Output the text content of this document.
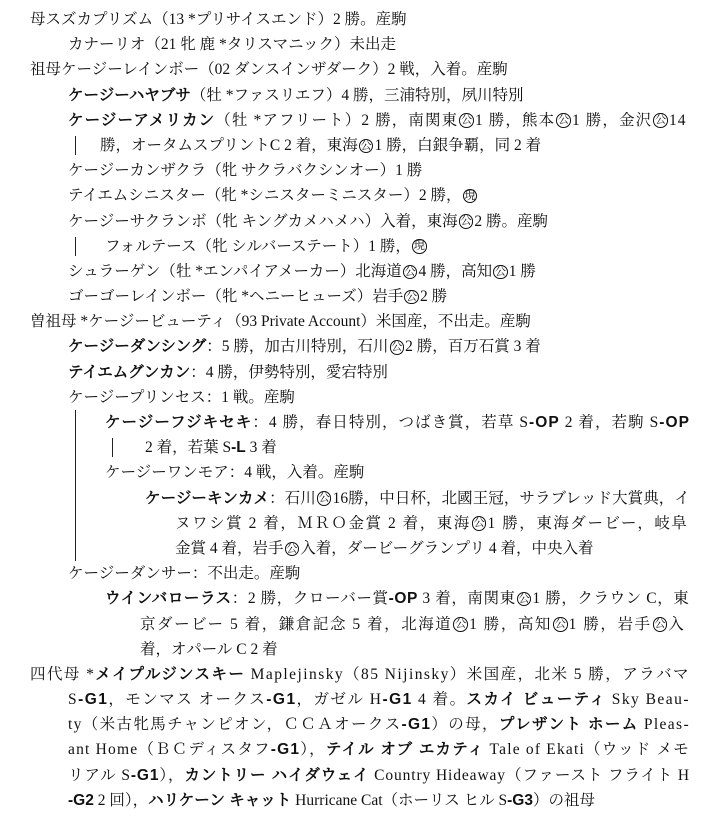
母スズカプリズム（13 *プリサイスエンド）2 勝。産駒
カナーリオ（21 牝 鹿 *タリスマニック）未出走
祖母ケージーレインボー（02 ダンスインザダーク）2 戦，入着。産駒
ケージーハヤブサ（牡 *ファスリエフ）4 勝，三浦特別，夙川特別
ケージーアメリカン（牡 *アフリート）2 勝，南関東 公 1 勝，熊本 公 1 勝，金沢 公 14
勝，オータムスプリントC 2 着，東海 公 1 勝，白銀争覇，同 2 着
ケージーカンザクラ（牝 サクラバクシンオー）1 勝
テイエムシニスター（牝 *シニスターミニスター）2 勝， 現
ケージーサクランボ（牝 キングカメハメハ）入着，東海 公 2 勝。産駒
フォルテース（牝 シルバーステート）1 勝， 現
シュラーゲン（牡 *エンパイアメーカー）北海道 公 4 勝，高知 公 1 勝
ゴーゴーレインボー（牝 *ヘニーヒューズ）岩手 公 2 勝
曽祖母 *ケージービューティ（93 Private Account）米国産，不出走。産駒
ケージーダンシング：5 勝，加古川特別，石川 公 2 勝，百万石賞 3 着
テイエムグンカン：4 勝，伊勢特別，愛宕特別
ケージープリンセス：1 戦。産駒
ケージーフジキセキ：4 勝，春日特別，つばき賞，若草 S-OP 2 着，若駒 S-OP
2 着，若葉 S-L 3 着
ケージーワンモア：4 戦，入着。産駒
ケージーキンカメ：石川 公 16勝，中日杯，北國王冠，サラブレッド大賞典，イ
ヌワシ賞 2 着，ＭＲＯ金賞 2 着，東海 公 1 勝，東海ダービー，岐阜
金賞 4 着，岩手 公 入着，ダービーグランプリ 4 着，中央入着
ケージーダンサー：不出走。産駒
ウインバローラス：2 勝，クローバー賞-OP 3 着，南関東 公 1 勝，クラウン C，東
京ダービー 5 着，鎌倉記念 5 着，北海道 公 1 勝，高知 公 1 勝，岩手 公 入
着，オパール C 2 着
四代母 *メイプルジンスキー Maplejinsky（85 Nijinsky）米国産，北米 5 勝，アラバマ
S-G1，モンマス オークス-G1，ガゼル H-G1 4 着。スカイ ビューティ Sky Beau-
ty（米古牝馬チャンピオン，ＣＣＡオークス-G1）の母，プレザント ホーム Pleas-
ant Home（ＢＣディスタフ-G1），テイル オブ エカティ Tale of Ekati（ウッド メモ
リアル S-G1），カントリー ハイダウェイ Country Hideaway（ファースト フライト H
-G2 2 回），ハリケーン キャット Hurricane Cat（ホーリス ヒル S-G3）の祖母
